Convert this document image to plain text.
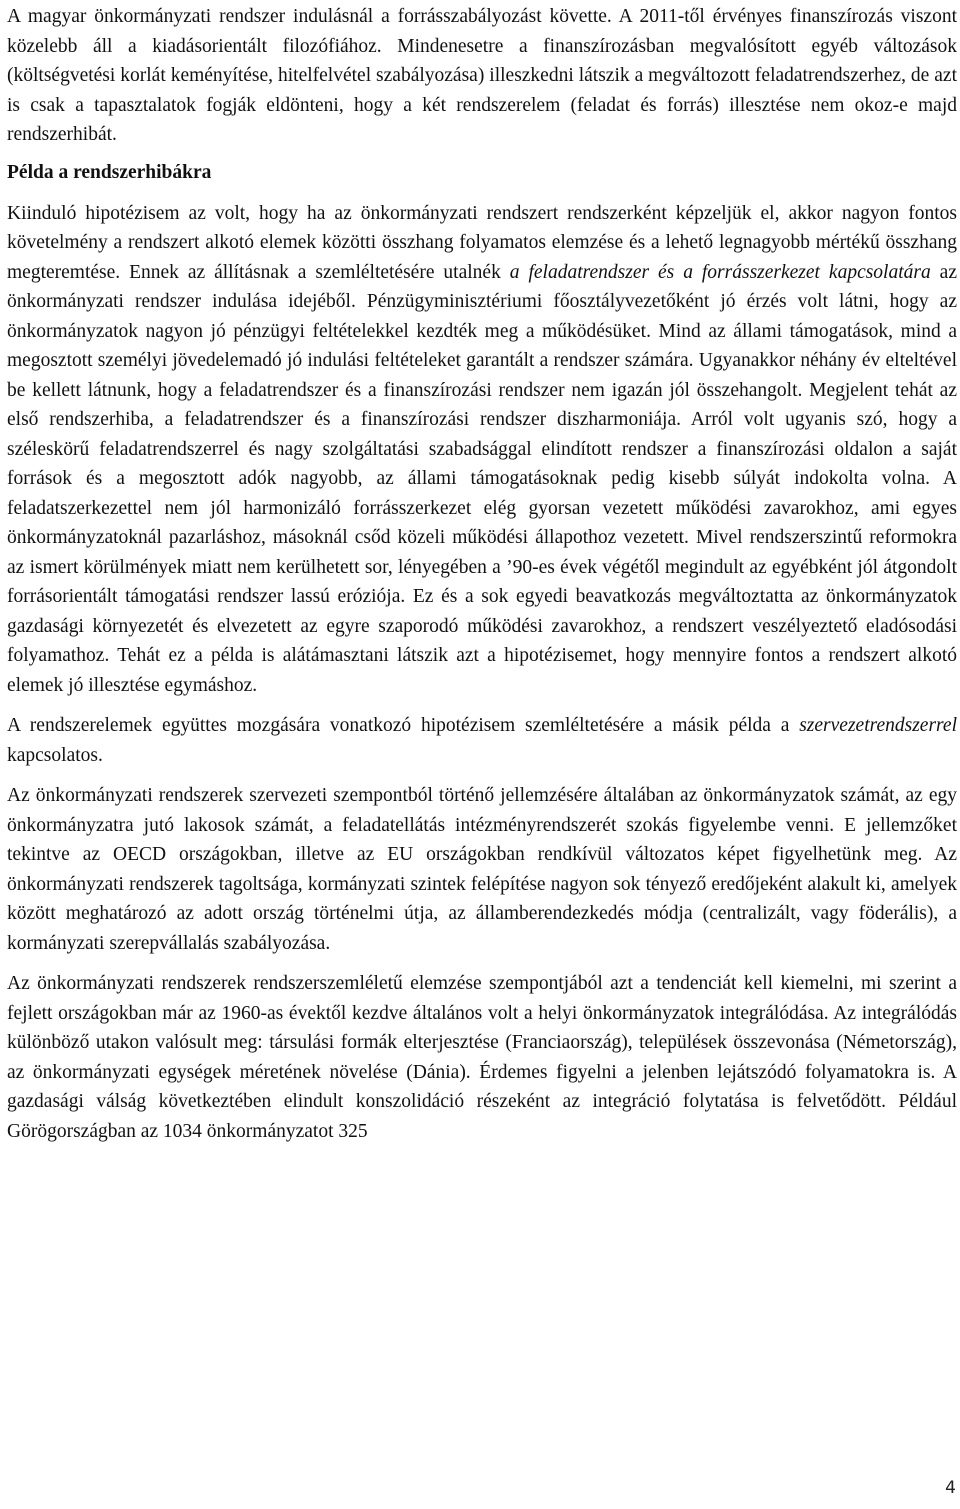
A magyar önkormányzati rendszer indulásnál a forrásszabályozást követte. A 2011-től érvényes finanszírozás viszont közelebb áll a kiadásorientált filozófiához. Mindenesetre a finanszírozásban megvalósított egyéb változások (költségvetési korlát keményítése, hitelfelvétel szabályozása) illeszkedni látszik a megváltozott feladatrendszerhez, de azt is csak a tapasztalatok fogják eldönteni, hogy a két rendszerelem (feladat és forrás) illesztése nem okoz-e majd rendszerhibát.

Példa a rendszerhibákra

Kiinduló hipotézisem az volt, hogy ha az önkormányzati rendszert rendszerként képzeljük el, akkor nagyon fontos követelmény a rendszert alkotó elemek közötti összhang folyamatos elemzése és a lehető legnagyobb mértékű összhang megteremtése. Ennek az állításnak a szemléltetésére utalnék a feladatrendszer és a forrásszerkezet kapcsolatára az önkormányzati rendszer indulása idejéből. Pénzügyminisztériumi főosztályvezetőként jó érzés volt látni, hogy az önkormányzatok nagyon jó pénzügyi feltételekkel kezdték meg a működésüket. Mind az állami támogatások, mind a megosztott személyi jövedelemadó jó indulási feltételeket garantált a rendszer számára. Ugyanakkor néhány év elteltével be kellett látnunk, hogy a feladatrendszer és a finanszírozási rendszer nem igazán jól összehangolt. Megjelent tehát az első rendszerhiba, a feladatrendszer és a finanszírozási rendszer diszharmoniája. Arról volt ugyanis szó, hogy a széleskörű feladatrendszerrel és nagy szolgáltatási szabadsággal elindított rendszer a finanszírozási oldalon a saját források és a megosztott adók nagyobb, az állami támogatásoknak pedig kisebb súlyát indokolta volna. A feladatszerkezettel nem jól harmonizáló forrásszerkezet elég gyorsan vezetett működési zavarokhoz, ami egyes önkormányzatoknál pazarláshoz, másoknál csőd közeli működési állapothoz vezetett. Mivel rendszerszintű reformokra az ismert körülmények miatt nem kerülhetett sor, lényegében a ’90-es évek végétől megindult az egyébként jól átgondolt forrásorientált támogatási rendszer lassú eróziója. Ez és a sok egyedi beavatkozás megváltoztatta az önkormányzatok gazdasági környezetét és elvezetett az egyre szaporodó működési zavarokhoz, a rendszert veszélyeztető eladósodási folyamathoz. Tehát ez a példa is alátámasztani látszik azt a hipotézisemet, hogy mennyire fontos a rendszert alkotó elemek jó illesztése egymáshoz.

A rendszerelemek együttes mozgására vonatkozó hipotézisem szemléltetésére a másik példa a szervezetrendszerrel kapcsolatos.

Az önkormányzati rendszerek szervezeti szempontból történő jellemzésére általában az önkormányzatok számát, az egy önkormányzatra jutó lakosok számát, a feladatellátás intézményrendszerét szokás figyelembe venni. E jellemzőket tekintve az OECD országokban, illetve az EU országokban rendkívül változatos képet figyelhetünk meg. Az önkormányzati rendszerek tagoltsága, kormányzati szintek felépítése nagyon sok tényező eredőjeként alakult ki, amelyek között meghatározó az adott ország történelmi útja, az államberendezkedés módja (centralizált, vagy föderális), a kormányzati szerepvállalás szabályozása.

Az önkormányzati rendszerek rendszerszemléletű elemzése szempontjából azt a tendenciát kell kiemelni, mi szerint a fejlett országokban már az 1960-as évektől kezdve általános volt a helyi önkormányzatok integrálódása. Az integrálódás különböző utakon valósult meg: társulási formák elterjesztése (Franciaország), települések összevonása (Németország), az önkormányzati egységek méretének növelése (Dánia). Érdemes figyelni a jelenben lejátszódó folyamatokra is. A gazdasági válság következtében elindult konszolidáció részeként az integráció folytatása is felvetődött. Például Görögországban az 1034 önkormányzatot 325

4
